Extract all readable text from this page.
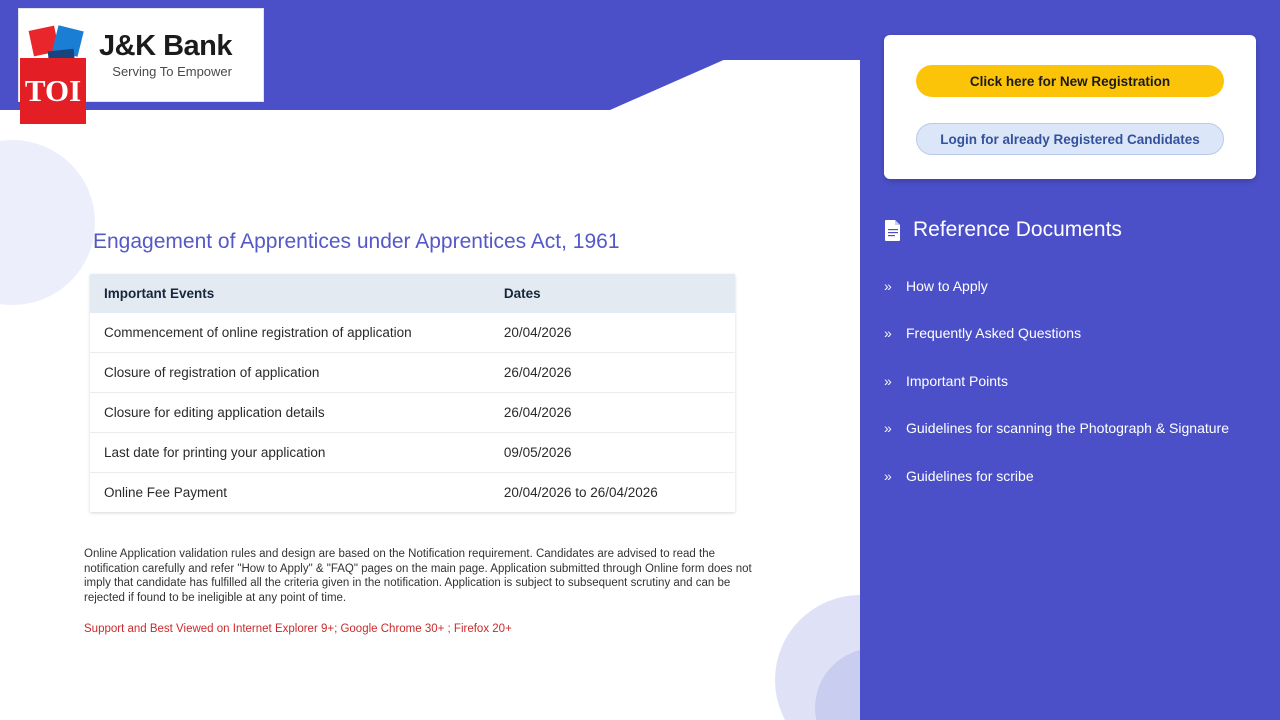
J&K Bank
Serving To Empower
TOI
Engagement of Apprentices under Apprentices Act, 1961
Important Events	Dates
Commencement of online registration of application	20/04/2026
Closure of registration of application	26/04/2026
Closure for editing application details	26/04/2026
Last date for printing your application	09/05/2026
Online Fee Payment	20/04/2026 to 26/04/2026
Online Application validation rules and design are based on the Notification requirement. Candidates are advised to read the notification carefully and refer "How to Apply" & "FAQ" pages on the main page. Application submitted through Online form does not imply that candidate has fulfilled all the criteria given in the notification. Application is subject to subsequent scrutiny and can be rejected if found to be ineligible at any point of time.
Support and Best Viewed on Internet Explorer 9+; Google Chrome 30+ ; Firefox 20+
Click here for New Registration
Login for already Registered Candidates
Reference Documents
»	How to Apply
»	Frequently Asked Questions
»	Important Points
»	Guidelines for scanning the Photograph & Signature
»	Guidelines for scribe
